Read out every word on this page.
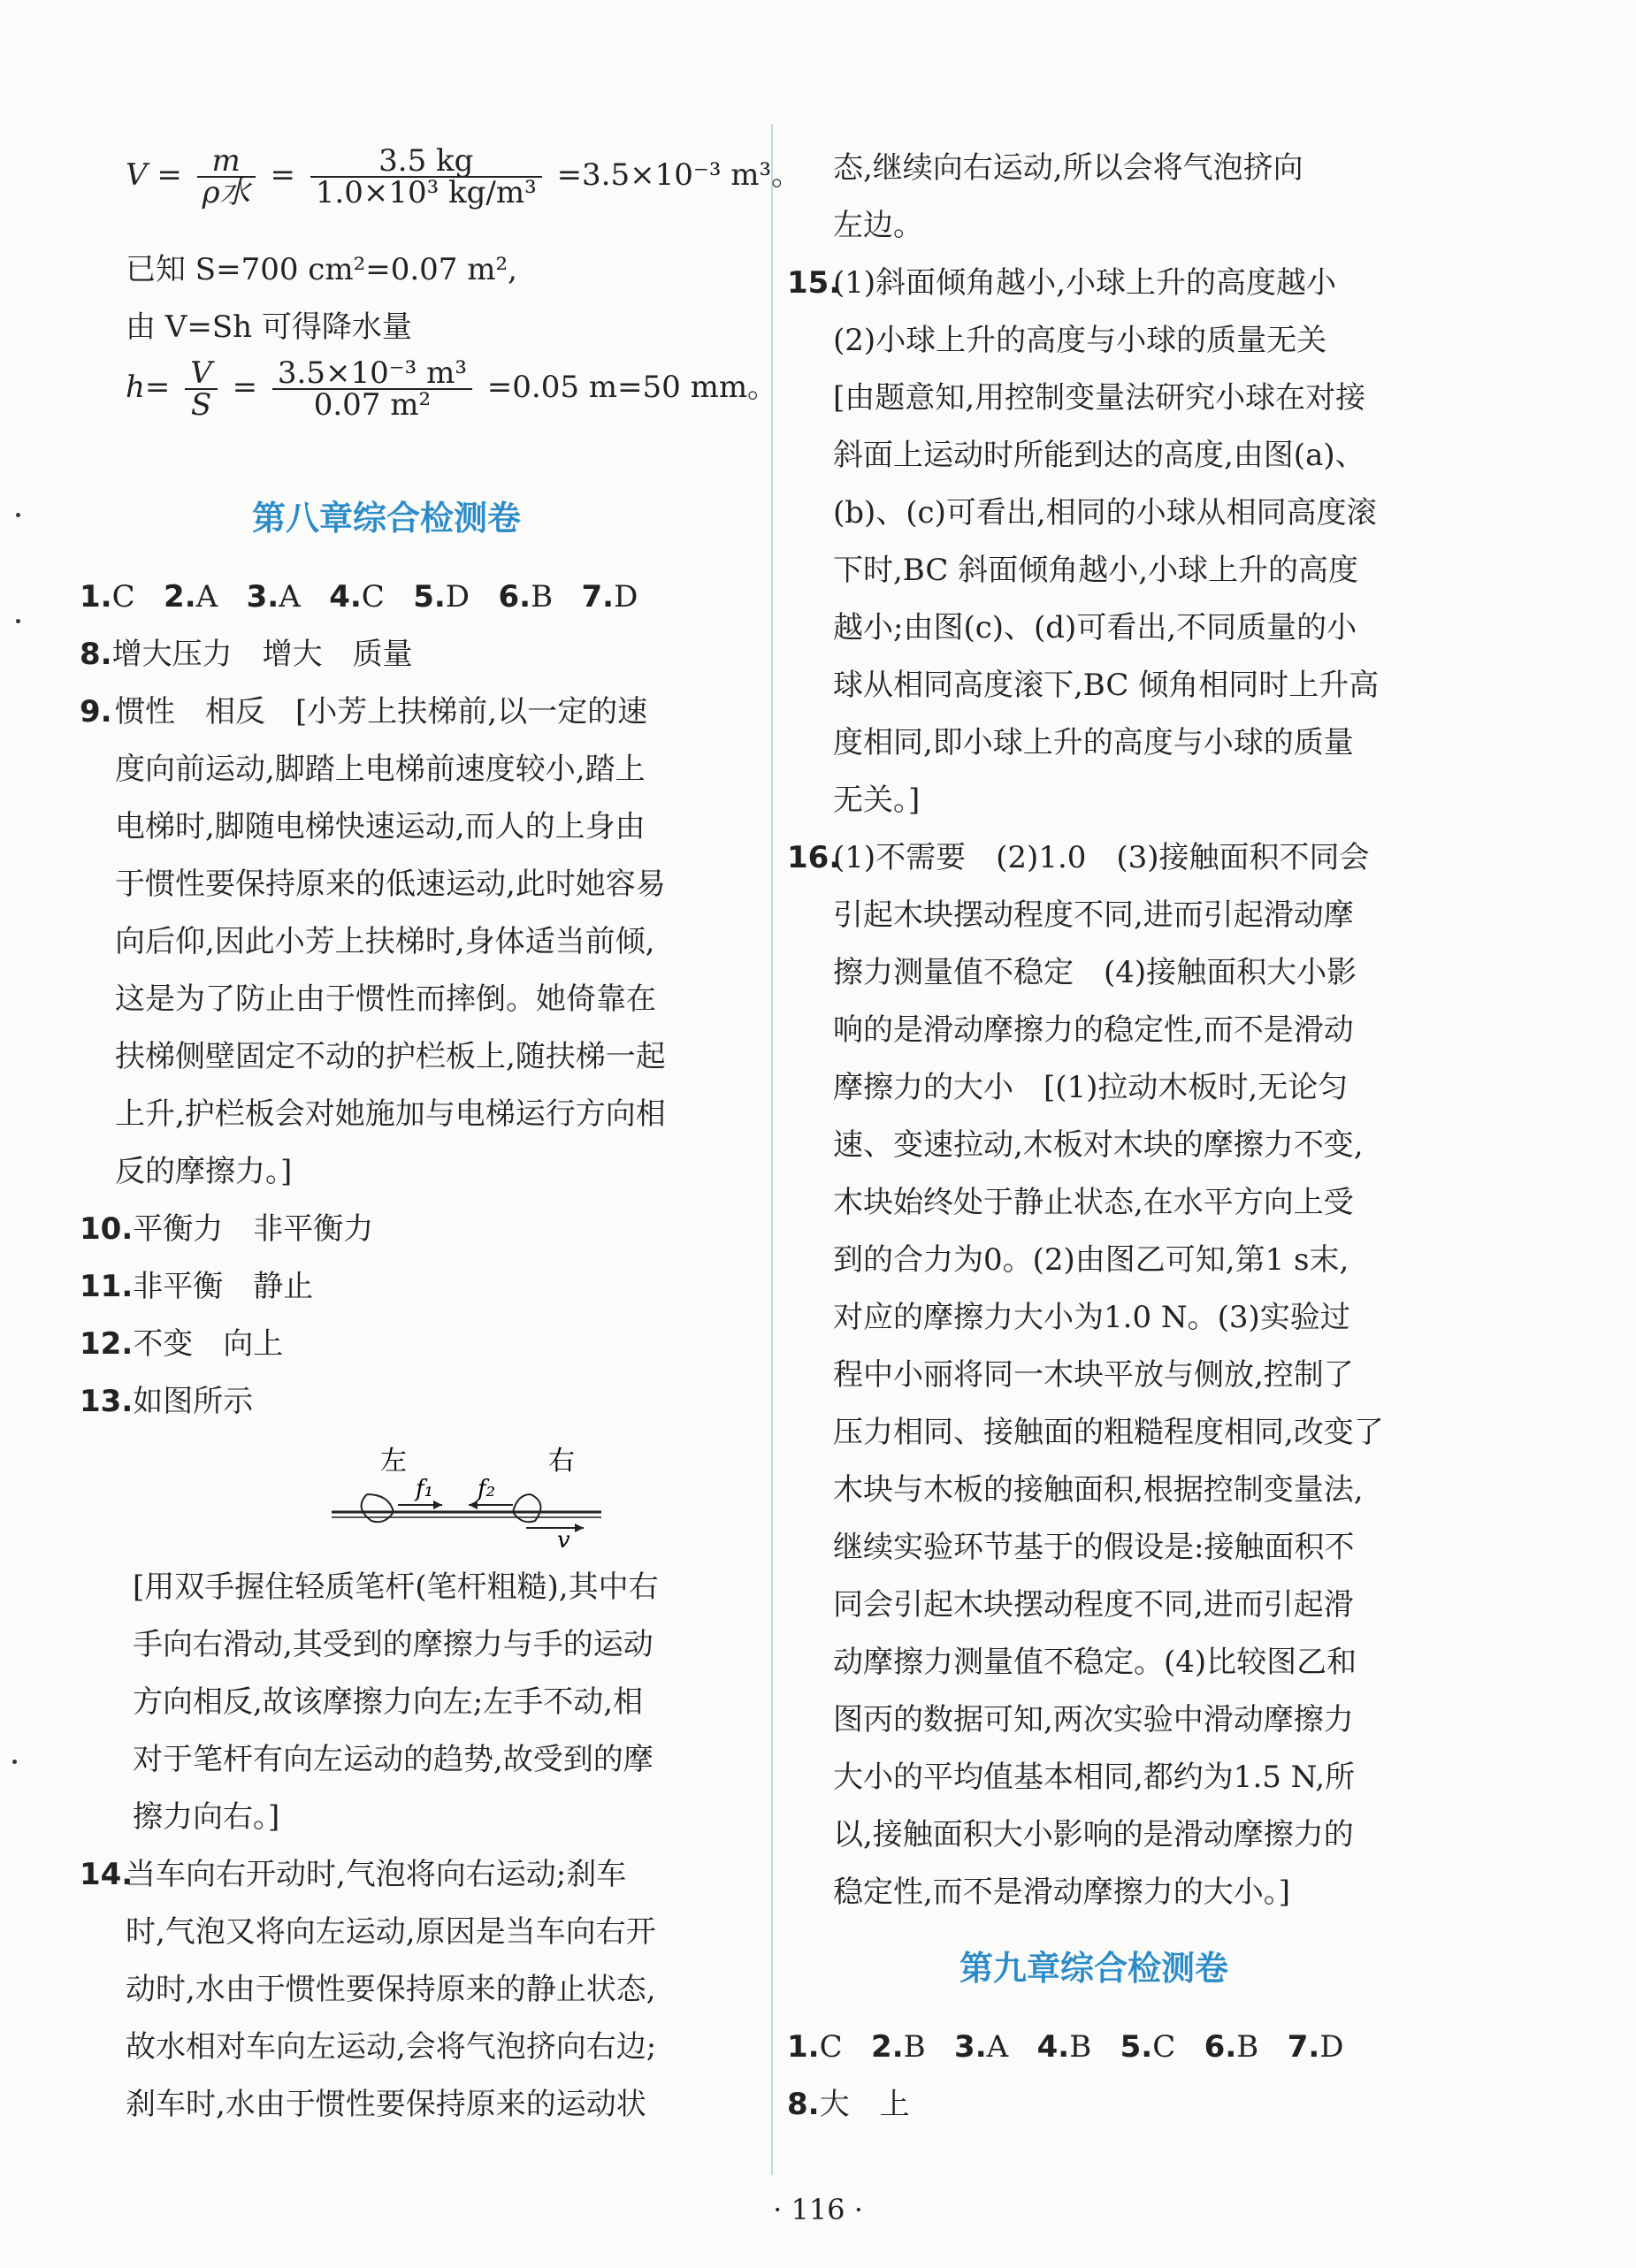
$V = \frac{m}{\text{ρ水}} = \frac{3.5 kg}{\text{1.0×10³ kg/m³}} =3.5\times 10^{-3}$ m³。
已知 S=700 cm²=0.07 m²,
由 V=Sh 可得降水量
$h= \frac{V}{S} = \frac{\text{3.5×10⁻³ m³}}{\text{0.07 m²}} =0.05$ m=50 mm。
第八章综合检测卷
1.C 2.A 3.A 4.C 5.D 6.B 7.D
8.增大压力　增大　质量
9. 惯性　相反　[小芳上扶梯前,以一定的速
度向前运动,脚踏上电梯前速度较小,踏上
电梯时,脚随电梯快速运动,而人的上身由
于惯性要保持原来的低速运动,此时她容易
向后仰,因此小芳上扶梯时,身体适当前倾,
这是为了防止由于惯性而摔倒。她倚靠在
扶梯侧壁固定不动的护栏板上,随扶梯一起
上升,护栏板会对她施加与电梯运行方向相
反的摩擦力。]
10.平衡力　非平衡力
11.非平衡　静止
12.不变　向上
13.如图所示
左	右
f₁ f₂
v
[用双手握住轻质笔杆(笔杆粗糙),其中右
手向右滑动,其受到的摩擦力与手的运动
方向相反,故该摩擦力向左;左手不动,相
对于笔杆有向左运动的趋势,故受到的摩
擦力向右。]
14.
当车向右开动时,气泡将向右运动;刹车
时,气泡又将向左运动,原因是当车向右开
动时,水由于惯性要保持原来的静止状态,
故水相对车向左运动,会将气泡挤向右边;
刹车时,水由于惯性要保持原来的运动状
态,继续向右运动,所以会将气泡挤向
左边。
15.
(1)斜面倾角越小,小球上升的高度越小
(2)小球上升的高度与小球的质量无关
[由题意知,用控制变量法研究小球在对接
斜面上运动时所能到达的高度,由图(a)、
(b)、(c)可看出,相同的小球从相同高度滚
下时,BC 斜面倾角越小,小球上升的高度
越小;由图(c)、(d)可看出,不同质量的小
球从相同高度滚下,BC 倾角相同时上升高
度相同,即小球上升的高度与小球的质量
无关。]
16.
(1)不需要　(2)1.0　(3)接触面积不同会
引起木块摆动程度不同,进而引起滑动摩
擦力测量值不稳定　(4)接触面积大小影
响的是滑动摩擦力的稳定性,而不是滑动
摩擦力的大小　[(1)拉动木板时,无论匀
速、变速拉动,木板对木块的摩擦力不变,
木块始终处于静止状态,在水平方向上受
到的合力为0。(2)由图乙可知,第1 s末,
对应的摩擦力大小为1.0 N。(3)实验过
程中小丽将同一木块平放与侧放,控制了
压力相同、接触面的粗糙程度相同,改变了
木块与木板的接触面积,根据控制变量法,
继续实验环节基于的假设是:接触面积不
同会引起木块摆动程度不同,进而引起滑
动摩擦力测量值不稳定。(4)比较图乙和
图丙的数据可知,两次实验中滑动摩擦力
大小的平均值基本相同,都约为1.5 N,所
以,接触面积大小影响的是滑动摩擦力的
稳定性,而不是滑动摩擦力的大小。]
第九章综合检测卷
1.C 2.B 3.A 4.B 5.C 6.B 7.D
8.大　上
· 116 ·
